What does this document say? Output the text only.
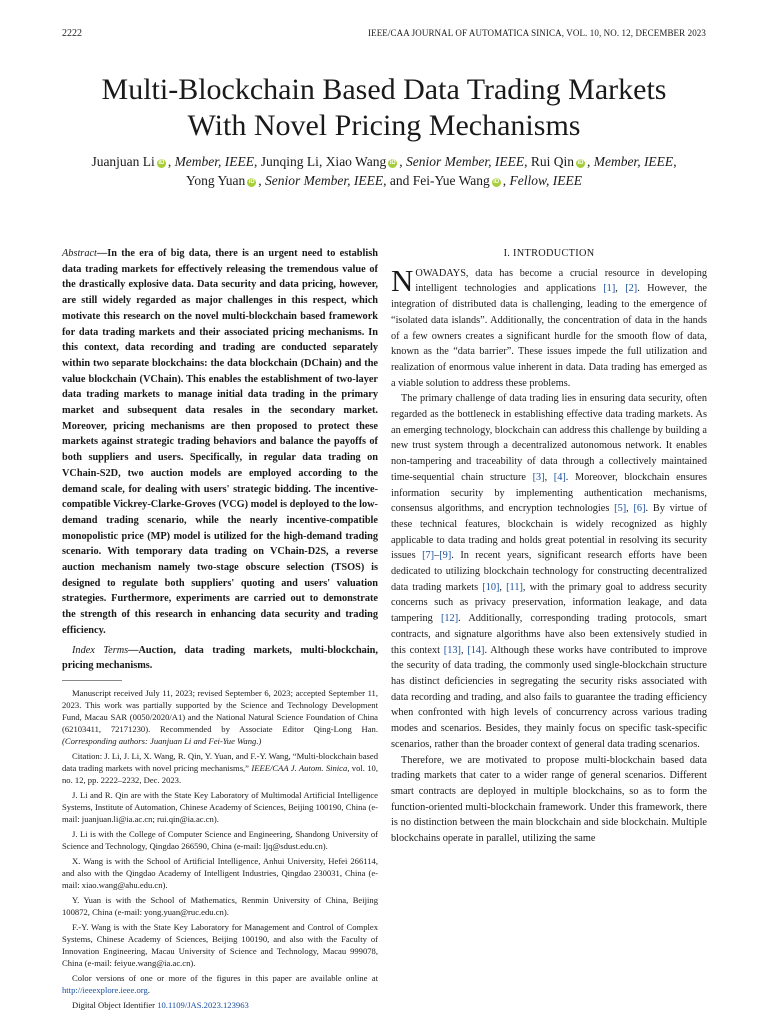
2222	IEEE/CAA JOURNAL OF AUTOMATICA SINICA, VOL. 10, NO. 12, DECEMBER 2023
Multi-Blockchain Based Data Trading Markets
With Novel Pricing Mechanisms
Juanjuan Li iD , Member, IEEE, Junqing Li, Xiao Wang iD , Senior Member, IEEE, Rui Qin iD , Member, IEEE,
Yong Yuan iD , Senior Member, IEEE, and Fei-Yue Wang iD , Fellow, IEEE

Abstract—In the era of big data, there is an urgent need to establish data trading markets for effectively releasing the tremendous value of the drastically explosive data. Data security and data pricing, however, are still widely regarded as major challenges in this respect, which motivate this research on the novel multi-blockchain based framework for data trading markets and their associated pricing mechanisms. In this context, data recording and trading are conducted separately within two separate blockchains: the data blockchain (DChain) and the value blockchain (VChain). This enables the establishment of two-layer data trading markets to manage initial data trading in the primary market and subsequent data resales in the secondary market. Moreover, pricing mechanisms are then proposed to protect these markets against strategic trading behaviors and balance the payoffs of both suppliers and users. Specifically, in regular data trading on VChain-S2D, two auction models are employed according to the demand scale, for dealing with users' strategic bidding. The incentive-compatible Vickrey-Clarke-Groves (VCG) model is deployed to the low-demand trading scenario, while the nearly incentive-compatible monopolistic price (MP) model is utilized for the high-demand trading scenario. With temporary data trading on VChain-D2S, a reverse auction mechanism namely two-stage obscure selection (TSOS) is designed to regulate both suppliers' quoting and users' valuation strategies. Furthermore, experiments are carried out to demonstrate the strength of this research in enhancing data security and trading efficiency.

Index Terms—Auction, data trading markets, multi-blockchain, pricing mechanisms.

Manuscript received July 11, 2023; revised September 6, 2023; accepted September 11, 2023. This work was partially supported by the Science and Technology Development Fund, Macau SAR (0050/2020/A1) and the National Natural Science Foundation of China (62103411, 72171230). Recommended by Associate Editor Qing-Long Han. (Corresponding authors: Juanjuan Li and Fei-Yue Wang.)

Citation: J. Li, J. Li, X. Wang, R. Qin, Y. Yuan, and F.-Y. Wang, “Multi-blockchain based data trading markets with novel pricing mechanisms,” IEEE/CAA J. Autom. Sinica, vol. 10, no. 12, pp. 2222–2232, Dec. 2023.

J. Li and R. Qin are with the State Key Laboratory of Multimodal Artificial Intelligence Systems, Institute of Automation, Chinese Academy of Sciences, Beijing 100190, China (e-mail: juanjuan.li@ia.ac.cn; rui.qin@ia.ac.cn).

J. Li is with the College of Computer Science and Engineering, Shandong University of Science and Technology, Qingdao 266590, China (e-mail: ljq@sdust.edu.cn).

X. Wang is with the School of Artificial Intelligence, Anhui University, Hefei 266114, and also with the Qingdao Academy of Intelligent Industries, Qingdao 230031, China (e-mail: xiao.wang@ahu.edu.cn).

Y. Yuan is with the School of Mathematics, Renmin University of China, Beijing 100872, China (e-mail: yong.yuan@ruc.edu.cn).

F.-Y. Wang is with the State Key Laboratory for Management and Control of Complex Systems, Chinese Academy of Sciences, Beijing 100190, and also with the Faculty of Innovation Engineering, Macau University of Science and Technology, Macau 999078, China (e-mail: feiyue.wang@ia.ac.cn).

Color versions of one or more of the figures in this paper are available online at http://ieeexplore.ieee.org.

Digital Object Identifier 10.1109/JAS.2023.123963

I. INTRODUCTION

NOWADAYS, data has become a crucial resource in developing intelligent technologies and applications [1], [2]. However, the integration of distributed data is challenging, leading to the emergence of “isolated data islands”. Additionally, the concentration of data in the hands of a few owners creates a significant hurdle for the smooth flow of data, known as the “data barrier”. These issues impede the full utilization and realization of enormous value inherent in data. Data trading has emerged as a viable solution to address these problems.

The primary challenge of data trading lies in ensuring data security, often regarded as the bottleneck in establishing effective data trading markets. As an emerging technology, blockchain can address this challenge by building a new trust system through a decentralized autonomous network. It enables non-tampering and traceability of data through a collectively maintained time-sequential chain structure [3], [4]. Moreover, blockchain ensures information security by implementing authentication mechanisms, consensus algorithms, and encryption technologies [5], [6]. By virtue of these technical features, blockchain is widely recognized as highly applicable to data trading and holds great potential in resolving its security issues [7]–[9]. In recent years, significant research efforts have been dedicated to utilizing blockchain technology for constructing decentralized data trading markets [10], [11], with the primary goal to address security concerns such as privacy preservation, information leakage, and data tampering [12]. Additionally, corresponding trading protocols, smart contracts, and signature algorithms have also been extensively studied in this context [13], [14]. Although these works have contributed to improve the security of data trading, the commonly used single-blockchain structure has distinct deficiencies in segregating the security risks associated with data recording and trading, and also fails to guarantee the trading efficiency when confronted with high levels of concurrency across various trading modes and scenarios. Besides, they mainly focus on specific task-specific scenarios, rather than the broader context of general data trading scenarios.

Therefore, we are motivated to propose multi-blockchain based data trading markets that cater to a wider range of general scenarios. Different smart contracts are deployed in multiple blockchains, so as to form the function-oriented multi-blockchain framework. Under this framework, there is no distinction between the main blockchain and side blockchain. Multiple blockchains operate in parallel, utilizing the same
